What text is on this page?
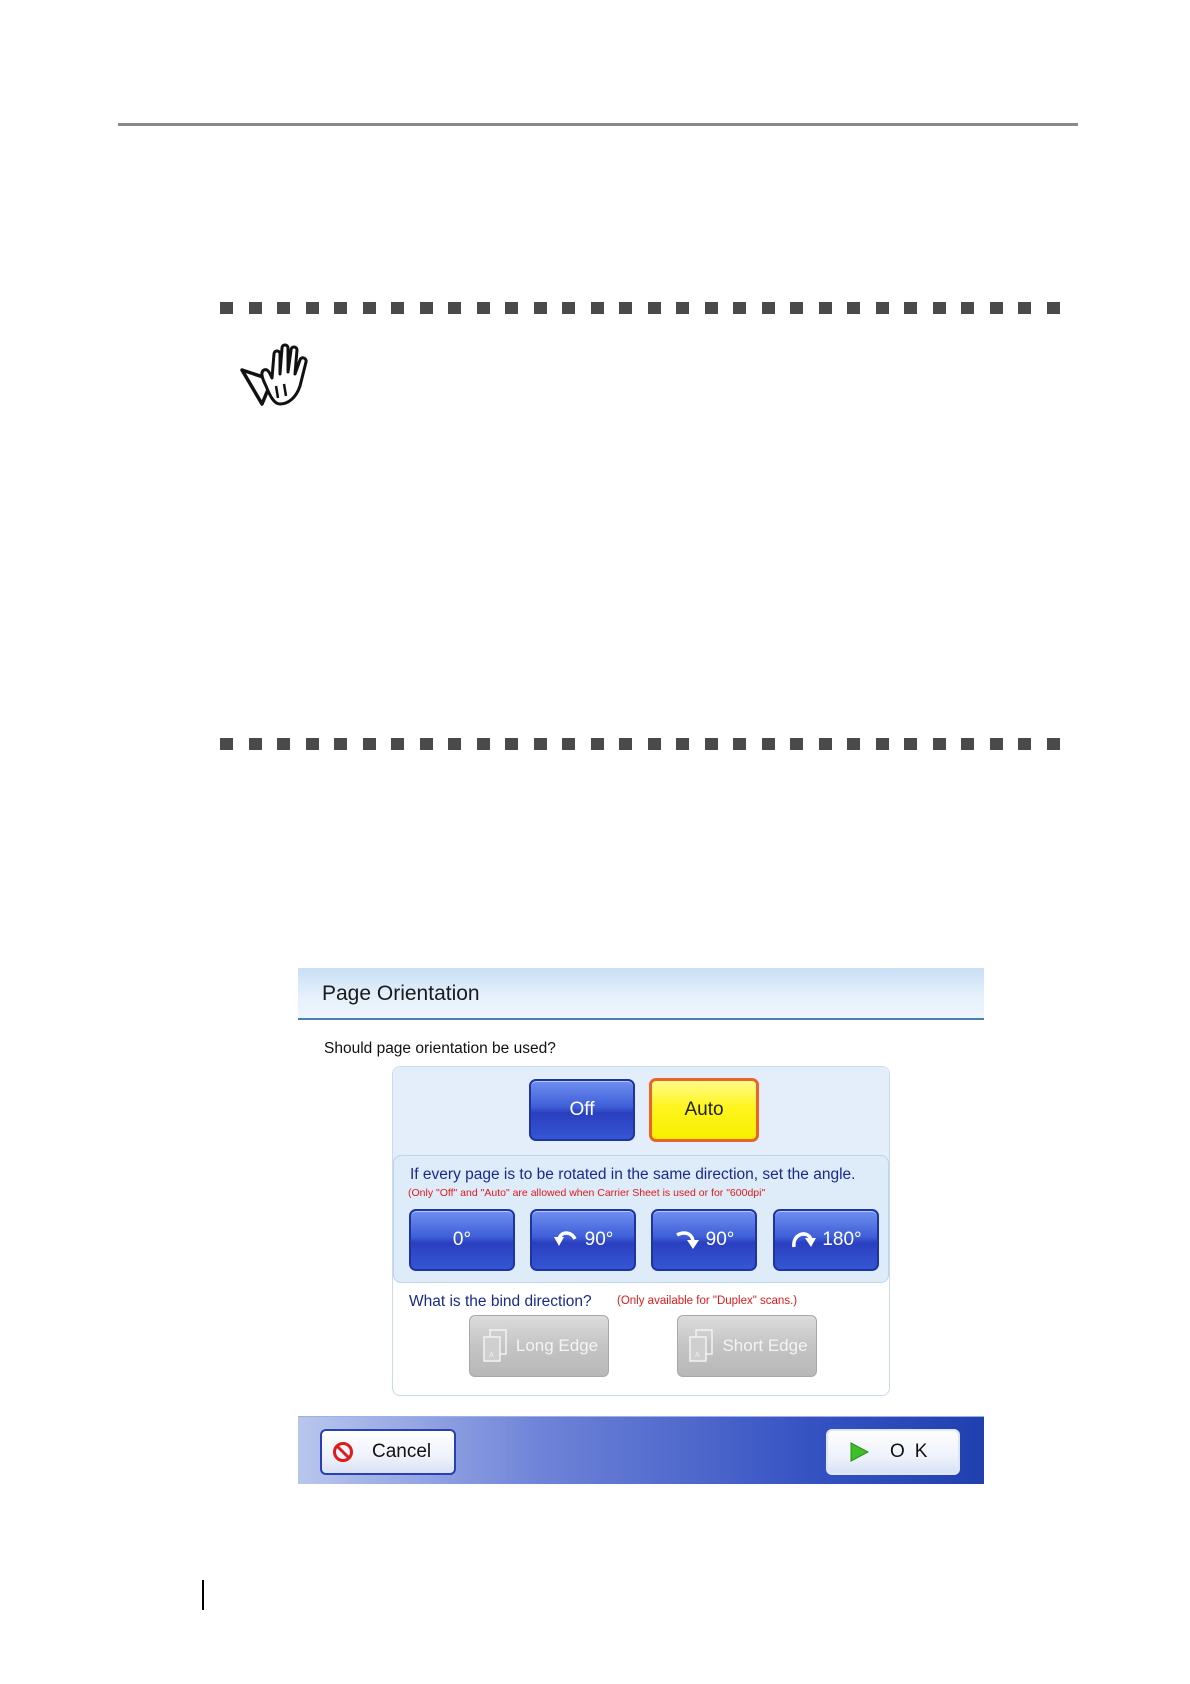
Page Orientation
Should page orientation be used?
Off	Auto
If every page is to be rotated in the same direction, set the angle.
(Only "Off" and "Auto" are allowed when Carrier Sheet is used or for "600dpi"
0°	90°	90°	180°
What is the bind direction? (Only available for "Duplex" scans.)
A
Long Edge
A
Short Edge
Cancel	OK
